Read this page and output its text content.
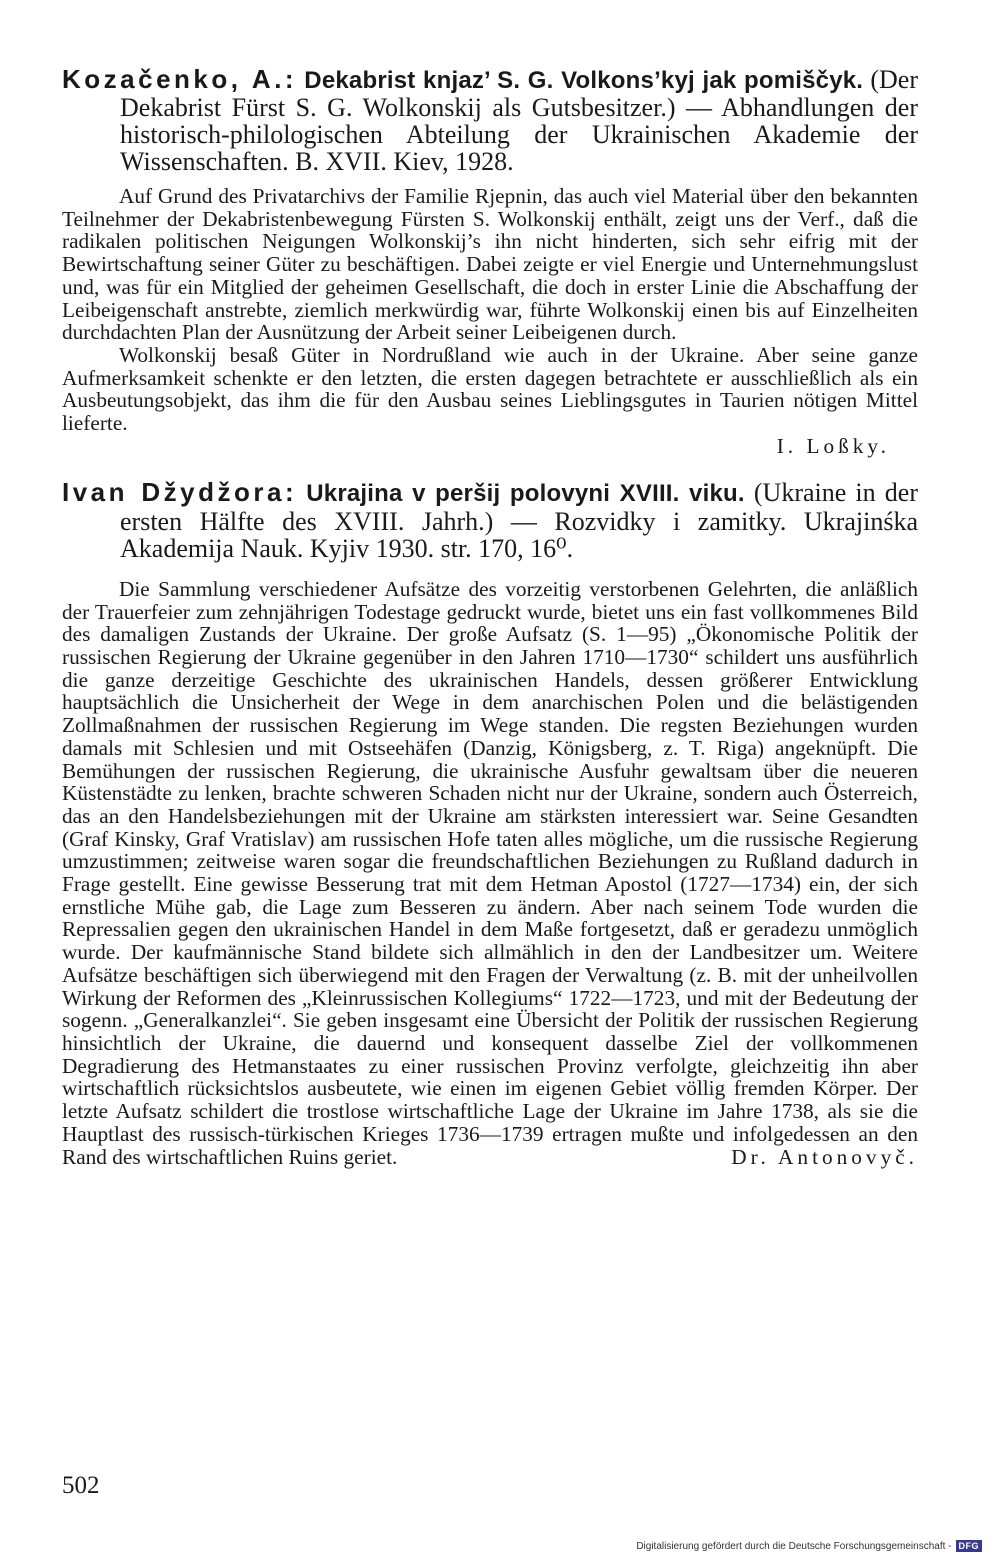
Kozačenko, A.: Dekabrist knjaz’ S. G. Volkons’kyj jak pomiščyk. (Der Dekabrist Fürst S. G. Wolkonskij als Gutsbesitzer.) — Abhandlungen der historisch-philologischen Abteilung der Ukrainischen Akademie der Wissenschaften. B. XVII. Kiev, 1928.

Auf Grund des Privatarchivs der Familie Rjepnin, das auch viel Material über den bekannten Teilnehmer der Dekabristenbewegung Fürsten S. Wolkonskij enthält, zeigt uns der Verf., daß die radikalen politischen Neigungen Wolkonskij’s ihn nicht hinderten, sich sehr eifrig mit der Bewirtschaftung seiner Güter zu beschäftigen. Dabei zeigte er viel Energie und Unternehmungslust und, was für ein Mitglied der geheimen Gesellschaft, die doch in erster Linie die Abschaffung der Leibeigenschaft anstrebte, ziemlich merkwürdig war, führte Wolkonskij einen bis auf Einzelheiten durchdachten Plan der Ausnützung der Arbeit seiner Leibeigenen durch.

Wolkonskij besaß Güter in Nordrußland wie auch in der Ukraine. Aber seine ganze Aufmerksamkeit schenkte er den letzten, die ersten dagegen betrachtete er ausschließlich als ein Ausbeutungsobjekt, das ihm die für den Ausbau seines Lieblingsgutes in Taurien nötigen Mittel lieferte.

I. Loßky.

Ivan Džydžora: Ukrajina v peršij polovyni XVIII. viku. (Ukraine in der ersten Hälfte des XVIII. Jahrh.) — Rozvidky i zamitky. Ukrajinśka Akademija Nauk. Kyjiv 1930. str. 170, 16⁰.

Die Sammlung verschiedener Aufsätze des vorzeitig verstorbenen Gelehrten, die anläßlich der Trauerfeier zum zehnjährigen Todestage gedruckt wurde, bietet uns ein fast vollkommenes Bild des damaligen Zustands der Ukraine. Der große Aufsatz (S. 1—95) „Ökonomische Politik der russischen Regierung der Ukraine gegenüber in den Jahren 1710—1730“ schildert uns ausführlich die ganze derzeitige Geschichte des ukrainischen Handels, dessen größerer Entwicklung hauptsächlich die Unsicherheit der Wege in dem anarchischen Polen und die belästigenden Zollmaßnahmen der russischen Regierung im Wege standen. Die regsten Beziehungen wurden damals mit Schlesien und mit Ostseehäfen (Danzig, Königsberg, z. T. Riga) angeknüpft. Die Bemühungen der russischen Regierung, die ukrainische Ausfuhr gewaltsam über die neueren Küstenstädte zu lenken, brachte schweren Schaden nicht nur der Ukraine, sondern auch Österreich, das an den Handelsbeziehungen mit der Ukraine am stärksten interessiert war. Seine Gesandten (Graf Kinsky, Graf Vratislav) am russischen Hofe taten alles mögliche, um die russische Regierung umzustimmen; zeitweise waren sogar die freundschaftlichen Beziehungen zu Rußland dadurch in Frage gestellt. Eine gewisse Besserung trat mit dem Hetman Apostol (1727—1734) ein, der sich ernstliche Mühe gab, die Lage zum Besseren zu ändern. Aber nach seinem Tode wurden die Repressalien gegen den ukrainischen Handel in dem Maße fortgesetzt, daß er geradezu unmöglich wurde. Der kaufmännische Stand bildete sich allmählich in den der Landbesitzer um. Weitere Aufsätze beschäftigen sich überwiegend mit den Fragen der Verwaltung (z. B. mit der unheilvollen Wirkung der Reformen des „Kleinrussischen Kollegiums“ 1722—1723, und mit der Bedeutung der sogenn. „Generalkanzlei“. Sie geben insgesamt eine Übersicht der Politik der russischen Regierung hinsichtlich der Ukraine, die dauernd und konsequent dasselbe Ziel der vollkommenen Degradierung des Hetmanstaates zu einer russischen Provinz verfolgte, gleichzeitig ihn aber wirtschaftlich rücksichtslos ausbeutete, wie einen im eigenen Gebiet völlig fremden Körper. Der letzte Aufsatz schildert die trostlose wirtschaftliche Lage der Ukraine im Jahre 1738, als sie die Hauptlast des russisch-türkischen Krieges 1736—1739 ertragen mußte und infolgedessen an den Rand des wirtschaftlichen Ruins geriet.	Dr. Antonovyč.

502
Digitalisierung gefördert durch die Deutsche Forschungsgemeinschaft - DFG
